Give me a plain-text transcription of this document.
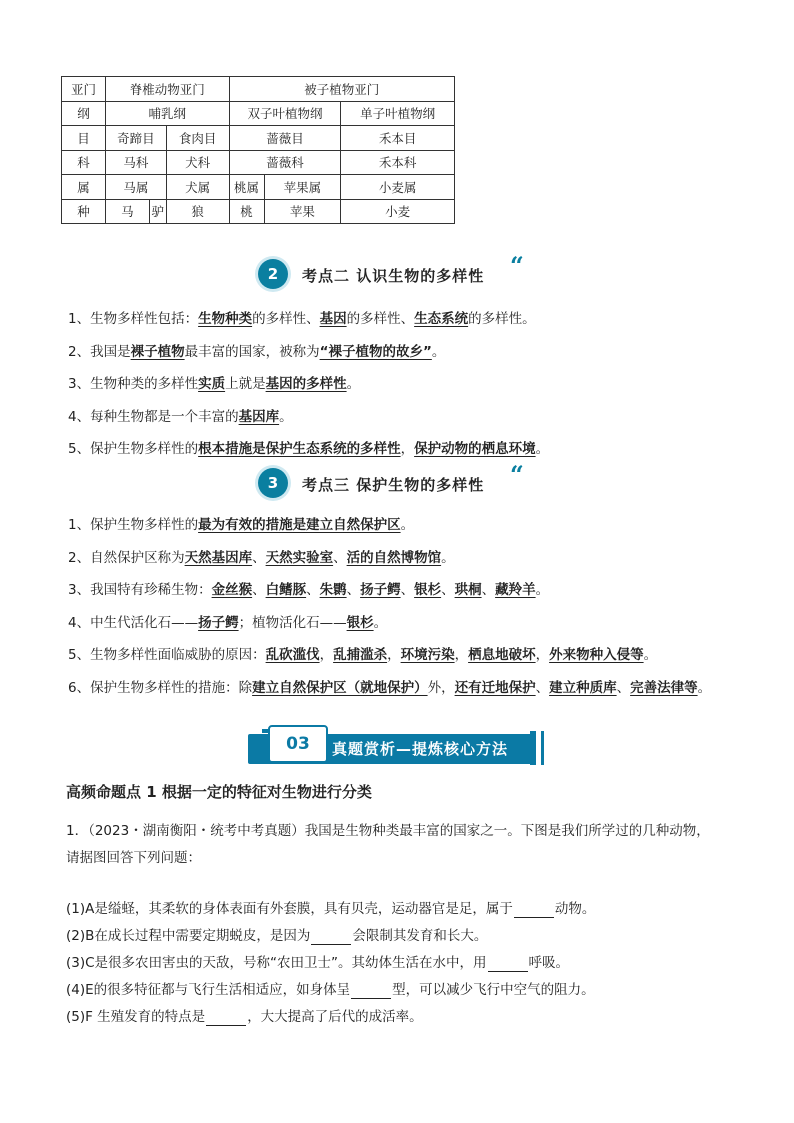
亚门	脊椎动物亚门			被子植物亚门		
纲	哺乳纲			双子叶植物纲		单子叶植物纲
目	奇蹄目		食肉目	蔷薇目		禾本目
科	马科		犬科	蔷薇科		禾本科
属	马属		犬属	桃属	苹果属	小麦属
种	马	驴	狼	桃	苹果	小麦
2	考点二 认识生物的多样性 “
1、生物多样性包括：生物种类的多样性、基因的多样性、生态系统的多样性。
2、我国是裸子植物最丰富的国家，被称为“裸子植物的故乡”。
3、生物种类的多样性实质上就是基因的多样性。
4、每种生物都是一个丰富的基因库。
5、保护生物多样性的根本措施是保护生态系统的多样性，保护动物的栖息环境。
3	考点三 保护生物的多样性 “
1、保护生物多样性的最为有效的措施是建立自然保护区。
2、自然保护区称为天然基因库、天然实验室、活的自然博物馆。
3、我国特有珍稀生物：金丝猴、白鳍豚、朱鹮、扬子鳄、银杉、珙桐、藏羚羊。
4、中生代活化石——扬子鳄；植物活化石——银杉。
5、生物多样性面临威胁的原因：乱砍滥伐，乱捕滥杀，环境污染，栖息地破坏，外来物种入侵等。
6、保护生物多样性的措施：除建立自然保护区（就地保护）外，还有迁地保护、建立种质库、完善法律等。
03	真题赏析—提炼核心方法
高频命题点 1 根据一定的特征对生物进行分类
1．（2023・湖南衡阳・统考中考真题）我国是生物种类最丰富的国家之一。下图是我们所学过的几种动物，
请据图回答下列问题：
(1)A是缢蛏，其柔软的身体表面有外套膜，具有贝壳，运动器官是足，属于	动物。
(2)B在成长过程中需要定期蜕皮，是因为	会限制其发育和长大。
(3)C是很多农田害虫的天敌，号称“农田卫士”。其幼体生活在水中，用	呼吸。
(4)E的很多特征都与飞行生活相适应，如身体呈	型，可以减少飞行中空气的阻力。
(5)F 生殖发育的特点是	，大大提高了后代的成活率。
